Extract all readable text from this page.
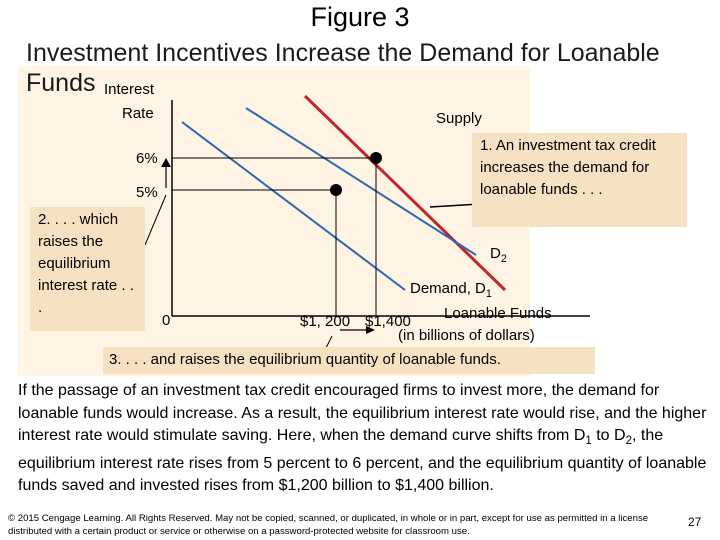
Figure 3
Investment Incentives Increase the Demand for Loanable Funds Interest
Rate	Supply
6%
5%
$D_2$
Demand, $D_1$
0	$1, 200 $1,400 Loanable Funds
(in billions of dollars)
1. An investment tax credit increases the demand for loanable funds . . .
2. . . . which raises the equilibrium interest rate . . .
3. . . . and raises the equilibrium quantity of loanable funds.
If the passage of an investment tax credit encouraged firms to invest more, the demand for loanable funds would increase. As a result, the equilibrium interest rate would rise, and the higher interest rate would stimulate saving. Here, when the demand curve shifts from $D_1$ to $D_2$, the equilibrium interest rate rises from 5 percent to 6 percent, and the equilibrium quantity of loanable funds saved and invested rises from $1,200 billion to $1,400 billion.
© 2015 Cengage Learning. All Rights Reserved. May not be copied, scanned, or duplicated, in whole or in part, except for use as permitted in a license distributed with a certain product or service or otherwise on a password-protected website for classroom use.
27
